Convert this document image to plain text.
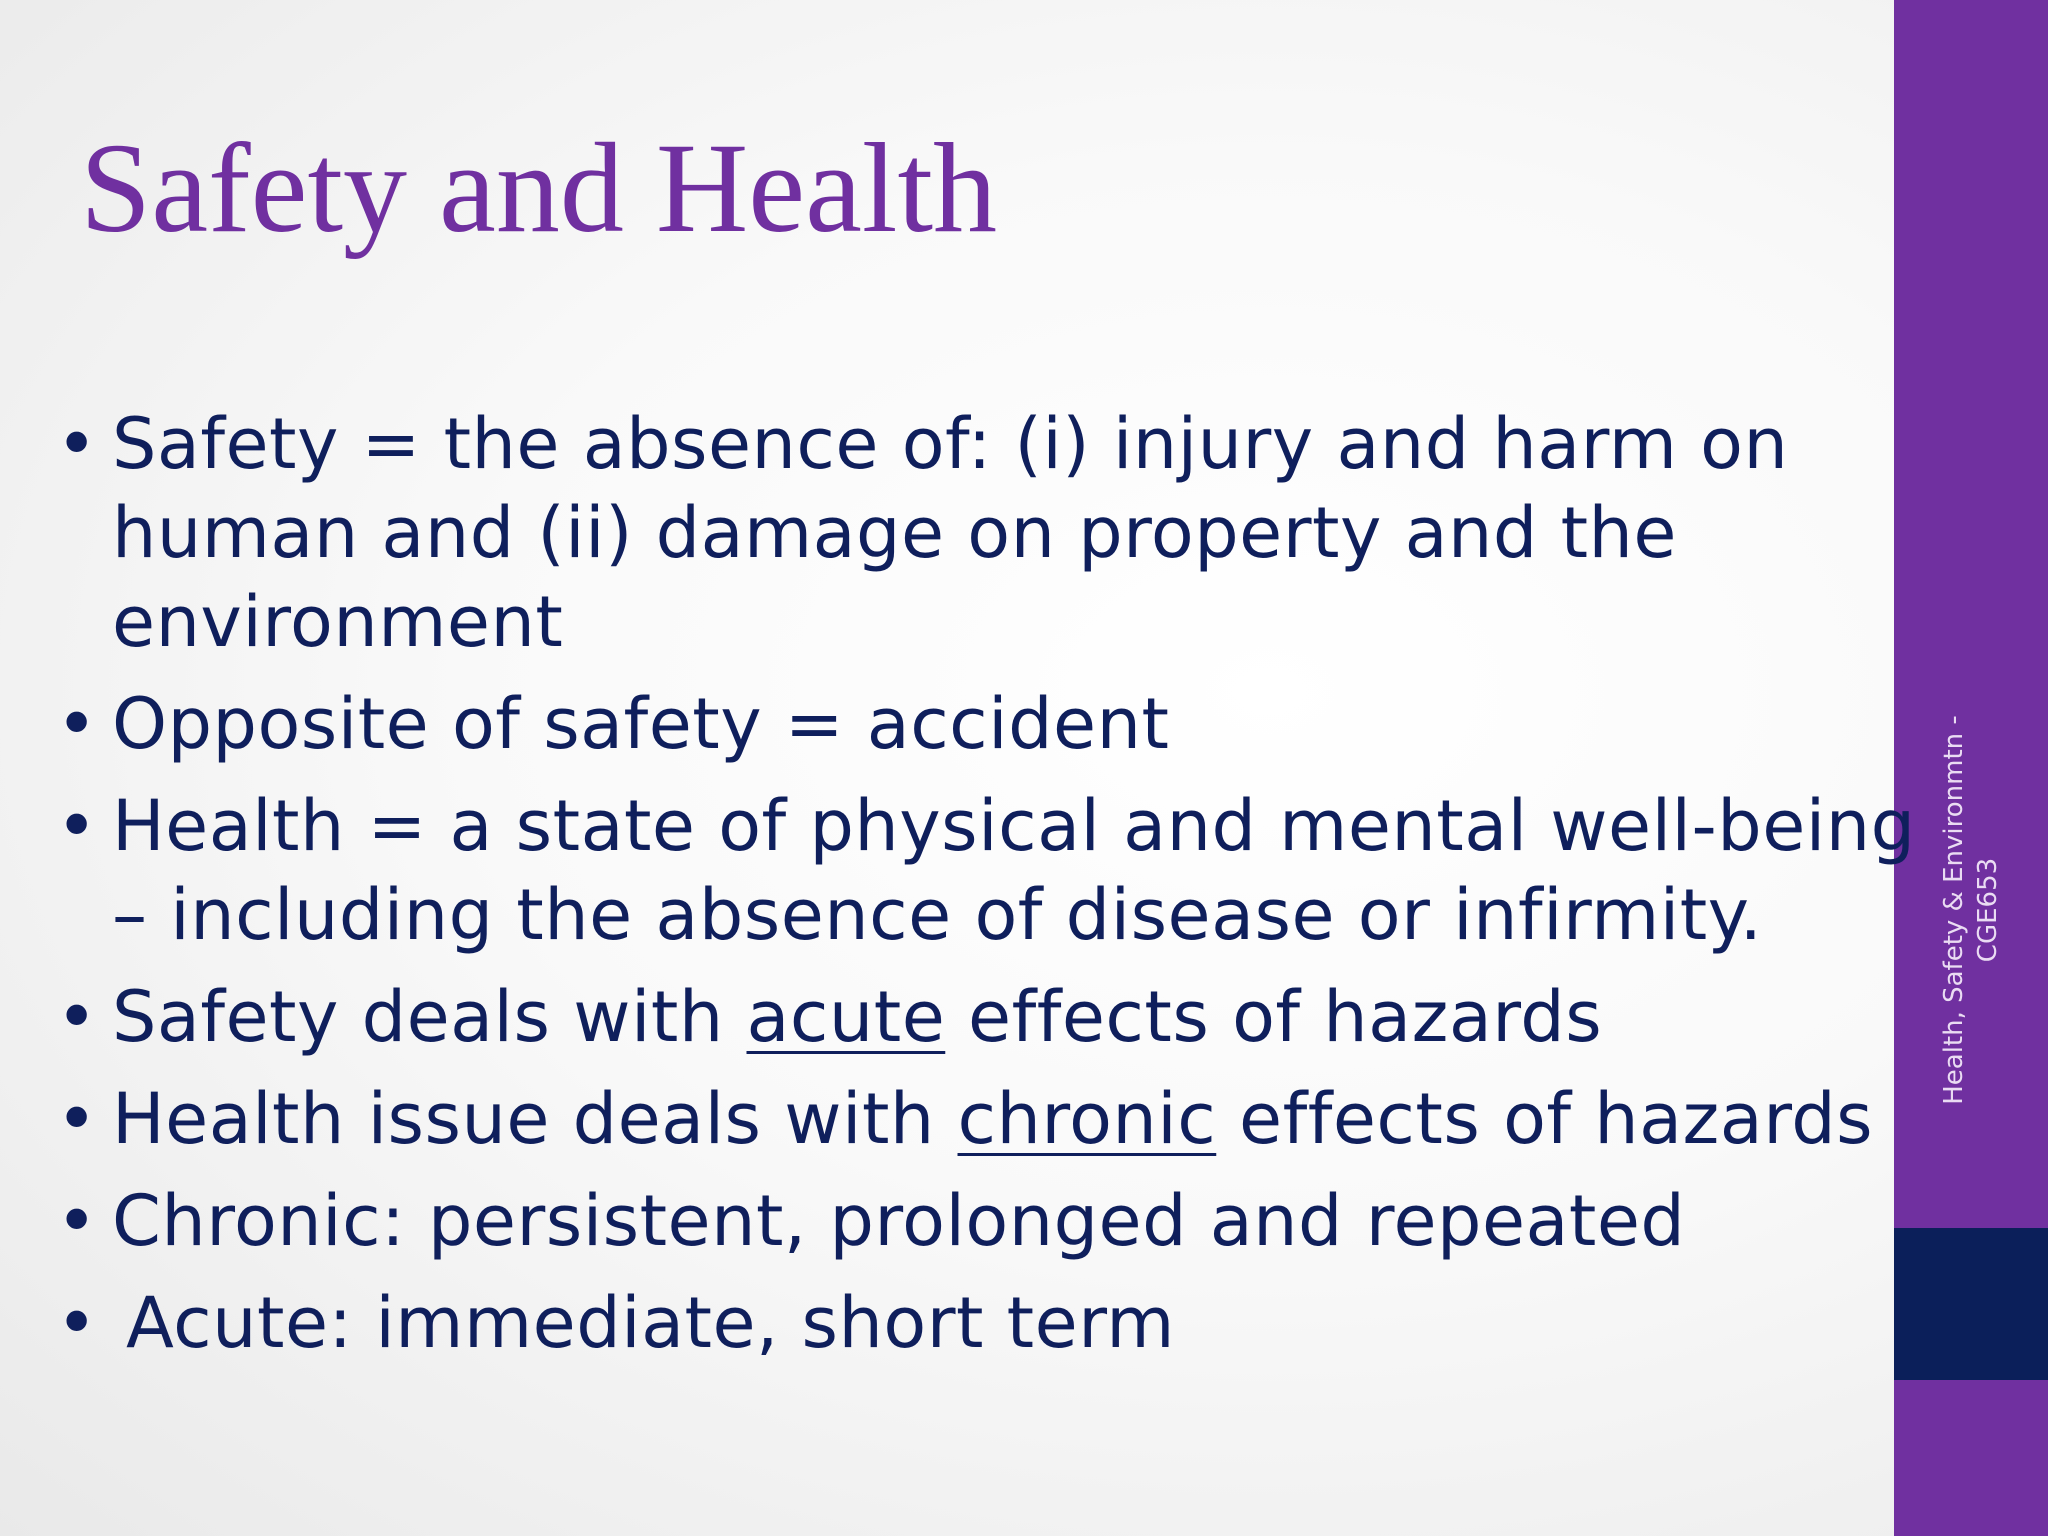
Health, Safety & Environmtn - CGE653
Safety and Health
• Safety = the absence of: (i) injury and harm on
human and (ii) damage on property and the
environment
• Opposite of safety = accident
• Health = a state of physical and mental well-being
– including the absence of disease or infirmity.
• Safety deals with acute effects of hazards
• Health issue deals with chronic effects of hazards
• Chronic: persistent, prolonged and repeated
• Acute: immediate, short term
